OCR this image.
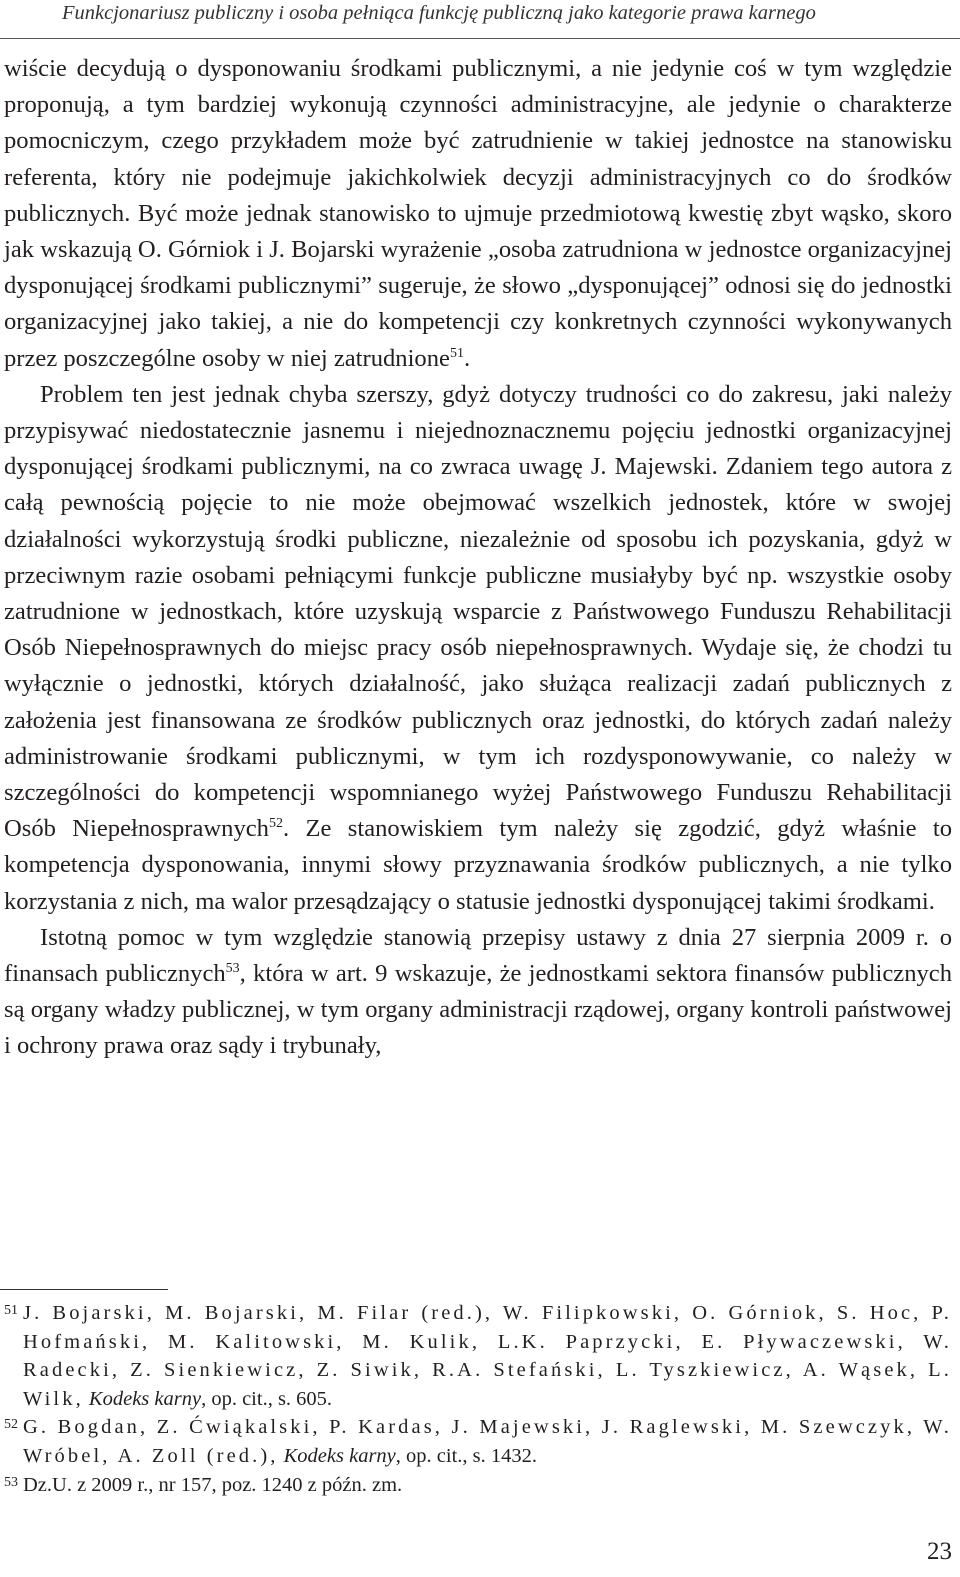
Funkcjonariusz publiczny i osoba pełniąca funkcję publiczną jako kategorie prawa karnego

wiście decydują o dysponowaniu środkami publicznymi, a nie jedynie coś w tym względzie proponują, a tym bardziej wykonują czynności administracyjne, ale jedynie o charakterze pomocniczym, czego przykładem może być zatrudnienie w takiej jednostce na stanowisku referenta, który nie podejmuje jakichkolwiek decyzji administracyjnych co do środków publicznych. Być może jednak stanowisko to ujmuje przedmiotową kwestię zbyt wąsko, skoro jak wskazują O. Górniok i J. Bojarski wyrażenie „osoba zatrudniona w jednostce organizacyjnej dysponującej środkami publicznymi” sugeruje, że słowo „dysponującej” odnosi się do jednostki organizacyjnej jako takiej, a nie do kompetencji czy konkretnych czynności wykonywanych przez poszczególne osoby w niej zatrudnione$^{51}$.

Problem ten jest jednak chyba szerszy, gdyż dotyczy trudności co do zakresu, jaki należy przypisywać niedostatecznie jasnemu i niejednoznacznemu pojęciu jednostki organizacyjnej dysponującej środkami publicznymi, na co zwraca uwagę J. Majewski. Zdaniem tego autora z całą pewnością pojęcie to nie może obejmować wszelkich jednostek, które w swojej działalności wykorzystują środki publiczne, niezależnie od sposobu ich pozyskania, gdyż w przeciwnym razie osobami pełniącymi funkcje publiczne musiałyby być np. wszystkie osoby zatrudnione w jednostkach, które uzyskują wsparcie z Państwowego Funduszu Rehabilitacji Osób Niepełnosprawnych do miejsc pracy osób niepełnosprawnych. Wydaje się, że chodzi tu wyłącznie o jednostki, których działalność, jako służąca realizacji zadań publicznych z założenia jest finansowana ze środków publicznych oraz jednostki, do których zadań należy administrowanie środkami publicznymi, w tym ich rozdysponowywanie, co należy w szczególności do kompetencji wspomnianego wyżej Państwowego Funduszu Rehabilitacji Osób Niepełnosprawnych$^{52}$. Ze stanowiskiem tym należy się zgodzić, gdyż właśnie to kompetencja dysponowania, innymi słowy przyznawania środków publicznych, a nie tylko korzystania z nich, ma walor przesądzający o statusie jednostki dysponującej takimi środkami.

Istotną pomoc w tym względzie stanowią przepisy ustawy z dnia 27 sierpnia 2009 r. o finansach publicznych$^{53}$, która w art. 9 wskazuje, że jednostkami sektora finansów publicznych są organy władzy publicznej, w tym organy administracji rządowej, organy kontroli państwowej i ochrony prawa oraz sądy i trybunały,

51 J. Bojarski, M. Bojarski, M. Filar (red.), W. Filipkowski, O. Górniok, S. Hoc, P. Hofmański, M. Kalitowski, M. Kulik, L.K. Paprzycki, E. Pływaczewski, W. Radecki, Z. Sienkiewicz, Z. Siwik, R.A. Stefański, L. Tyszkiewicz, A. Wąsek, L. Wilk, Kodeks karny, op. cit., s. 605.

52 G. Bogdan, Z. Ćwiąkalski, P. Kardas, J. Majewski, J. Raglewski, M. Szewczyk, W. Wróbel, A. Zoll (red.), Kodeks karny, op. cit., s. 1432.

53 Dz.U. z 2009 r., nr 157, poz. 1240 z późn. zm.

23
